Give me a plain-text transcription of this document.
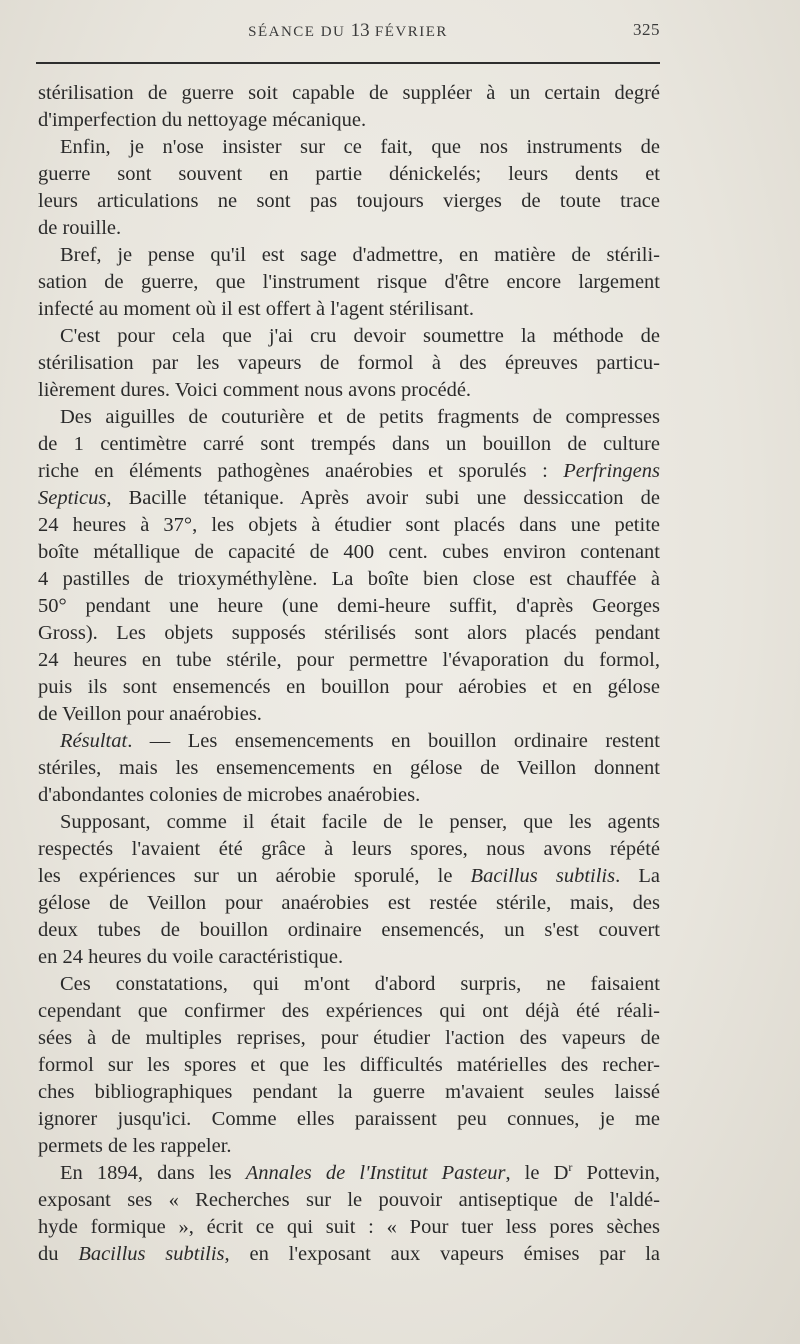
SÉANCE DU 13 FÉVRIER	325
stérilisation de guerre soit capable de suppléer à un certain degré
d'imperfection du nettoyage mécanique.
Enfin, je n'ose insister sur ce fait, que nos instruments de
guerre sont souvent en partie dénickelés; leurs dents et
leurs articulations ne sont pas toujours vierges de toute trace
de rouille.
Bref, je pense qu'il est sage d'admettre, en matière de stérili-
sation de guerre, que l'instrument risque d'être encore largement
infecté au moment où il est offert à l'agent stérilisant.
C'est pour cela que j'ai cru devoir soumettre la méthode de
stérilisation par les vapeurs de formol à des épreuves particu-
lièrement dures. Voici comment nous avons procédé.
Des aiguilles de couturière et de petits fragments de compresses
de 1 centimètre carré sont trempés dans un bouillon de culture
riche en éléments pathogènes anaérobies et sporulés : Perfringens
Septicus, Bacille tétanique. Après avoir subi une dessiccation de
24 heures à 37°, les objets à étudier sont placés dans une petite
boîte métallique de capacité de 400 cent. cubes environ contenant
4 pastilles de trioxyméthylène. La boîte bien close est chauffée à
50° pendant une heure (une demi-heure suffit, d'après Georges
Gross). Les objets supposés stérilisés sont alors placés pendant
24 heures en tube stérile, pour permettre l'évaporation du formol,
puis ils sont ensemencés en bouillon pour aérobies et en gélose
de Veillon pour anaérobies.
Résultat. — Les ensemencements en bouillon ordinaire restent
stériles, mais les ensemencements en gélose de Veillon donnent
d'abondantes colonies de microbes anaérobies.
Supposant, comme il était facile de le penser, que les agents
respectés l'avaient été grâce à leurs spores, nous avons répété
les expériences sur un aérobie sporulé, le Bacillus subtilis. La
gélose de Veillon pour anaérobies est restée stérile, mais, des
deux tubes de bouillon ordinaire ensemencés, un s'est couvert
en 24 heures du voile caractéristique.
Ces constatations, qui m'ont d'abord surpris, ne faisaient
cependant que confirmer des expériences qui ont déjà été réali-
sées à de multiples reprises, pour étudier l'action des vapeurs de
formol sur les spores et que les difficultés matérielles des recher-
ches bibliographiques pendant la guerre m'avaient seules laissé
ignorer jusqu'ici. Comme elles paraissent peu connues, je me
permets de les rappeler.
En 1894, dans les Annales de l'Institut Pasteur, le $D^r$ Pottevin,
exposant ses « Recherches sur le pouvoir antiseptique de l'aldé-
hyde formique », écrit ce qui suit : « Pour tuer less pores sèches
du Bacillus subtilis, en l'exposant aux vapeurs émises par la
